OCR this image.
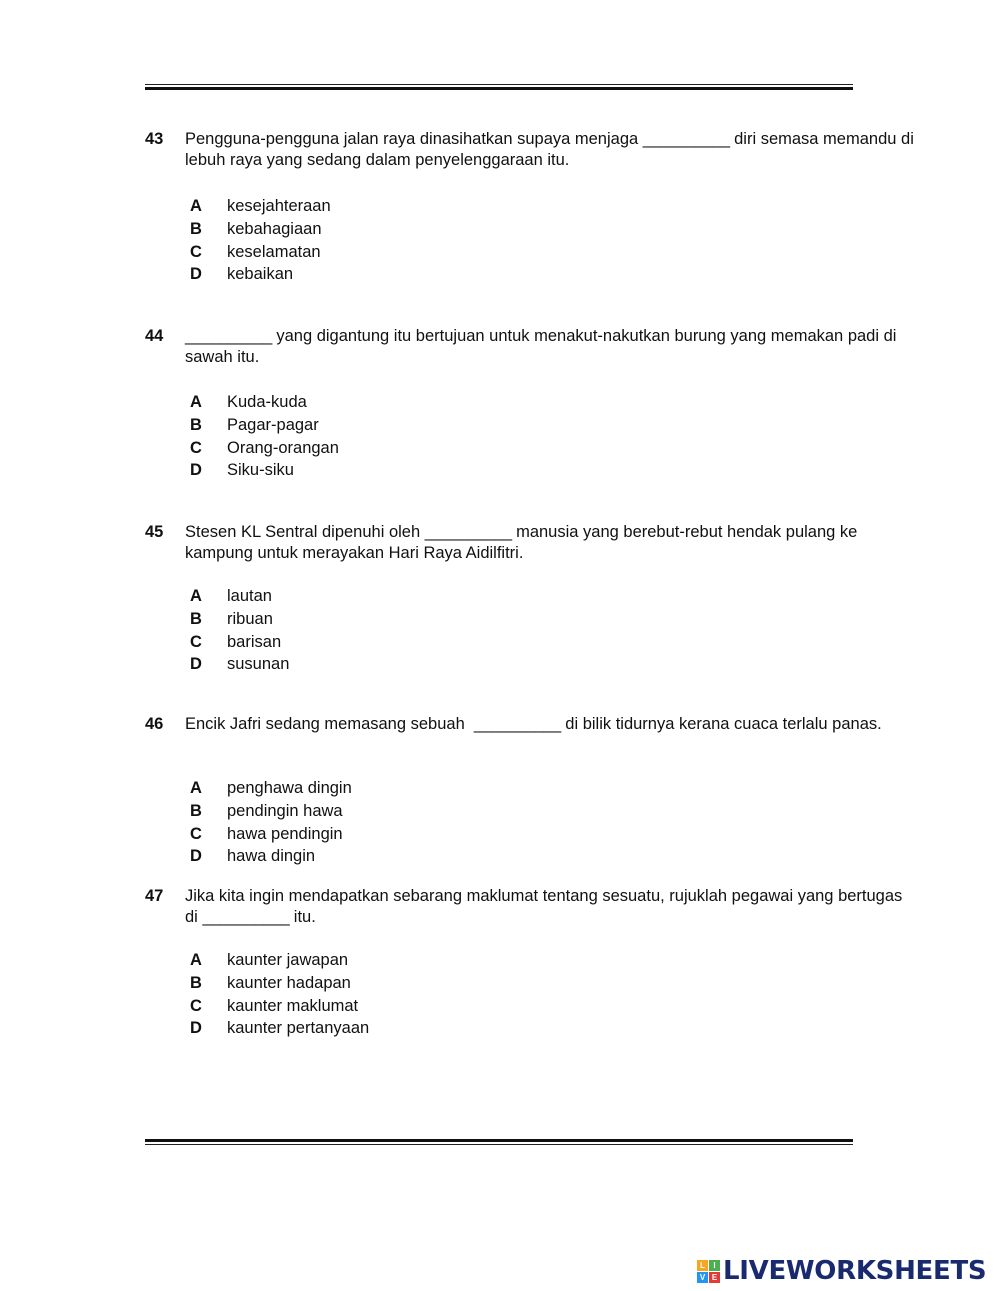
43	Pengguna-pengguna jalan raya dinasihatkan supaya menjaga __________ diri semasa memandu di lebuh raya yang sedang dalam penyelenggaraan itu.
A kesejahteraan
B kebahagiaan
C keselamatan
D kebaikan
44	__________ yang digantung itu bertujuan untuk menakut-nakutkan burung yang memakan padi di sawah itu.
A Kuda-kuda
B Pagar-pagar
C Orang-orangan
D Siku-siku
45	Stesen KL Sentral dipenuhi oleh __________ manusia yang berebut-rebut hendak pulang ke kampung untuk merayakan Hari Raya Aidilfitri.
A lautan
B ribuan
C barisan
D susunan
46	Encik Jafri sedang memasang sebuah  __________ di bilik tidurnya kerana cuaca terlalu panas.
A penghawa dingin
B pendingin hawa
C hawa pendingin
D hawa dingin
47	Jika kita ingin mendapatkan sebarang maklumat tentang sesuatu, rujuklah pegawai yang bertugas di __________ itu.
A kaunter jawapan
B kaunter hadapan
C kaunter maklumat
D kaunter pertanyaan
L	I
V E LIVEWORKSHEETS
